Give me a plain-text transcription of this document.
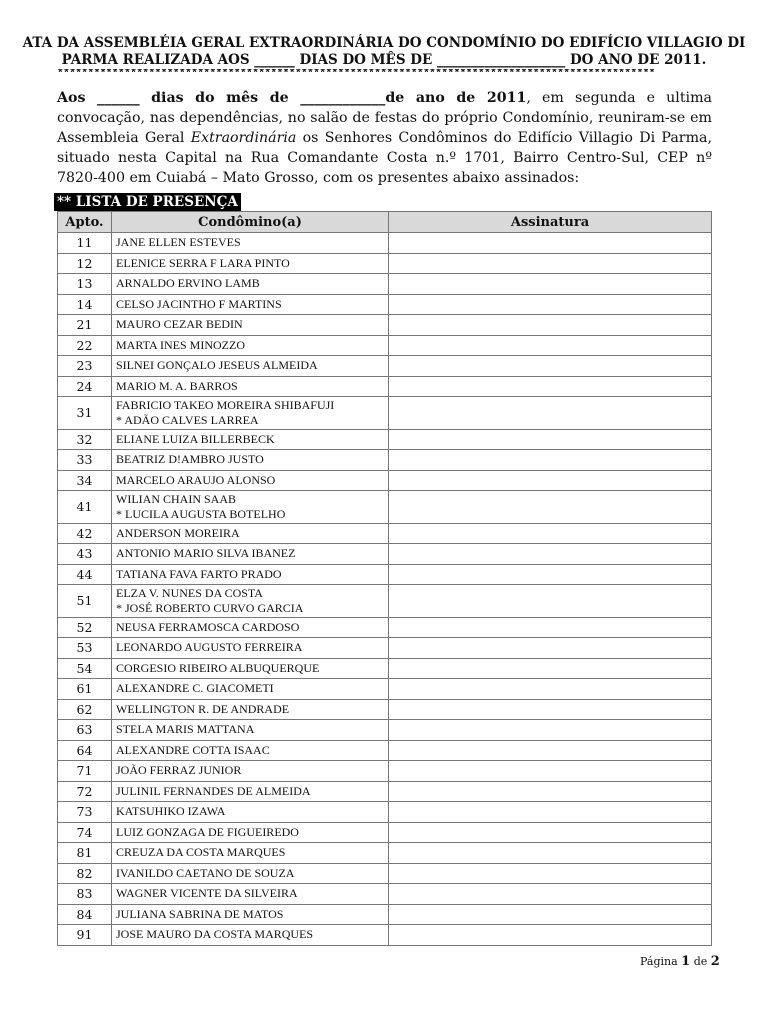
ATA DA ASSEMBLÉIA GERAL EXTRAORDINÁRIA DO CONDOMÍNIO DO EDIFÍCIO VILLAGIO DI
PARMA REALIZADA AOS ______ DIAS DO MÊS DE ___________________ DO ANO DE 2011.
**************************************************************************************************
Aos ______ dias do mês de ____________de ano de 2011, em segunda e ultima convocação, nas dependências, no salão de festas do próprio Condomínio, reuniram-se em Assembleia Geral Extraordinária os Senhores Condôminos do Edifício Villagio Di Parma, situado nesta Capital na Rua Comandante Costa n.º 1701, Bairro Centro-Sul, CEP nº 7820-400 em Cuiabá – Mato Grosso, com os presentes abaixo assinados:
** LISTA DE PRESENÇA
Apto.	Condômino(a)	Assinatura
11	JANE ELLEN ESTEVES	

12	ELENICE SERRA F LARA PINTO	

13	ARNALDO ERVINO LAMB	

14	CELSO JACINTHO F MARTINS	

21	MAURO CEZAR BEDIN	

22	MARTA INES MINOZZO	

23	SILNEI GONÇALO JESEUS ALMEIDA	

24	MARIO M. A. BARROS	

31	FABRICIO TAKEO MOREIRA SHIBAFUJI
* ADÃO CALVES LARREA	

32	ELIANE LUIZA BILLERBECK	

33	BEATRIZ D!AMBRO JUSTO	

34	MARCELO ARAUJO ALONSO	

41	WILIAN CHAIN SAAB
* LUCILA AUGUSTA BOTELHO	

42	ANDERSON MOREIRA	

43	ANTONIO MARIO SILVA IBANEZ	

44	TATIANA FAVA FARTO PRADO	

51	ELZA V. NUNES DA COSTA
* JOSÉ ROBERTO CURVO GARCIA	

52	NEUSA FERRAMOSCA CARDOSO	

53	LEONARDO AUGUSTO FERREIRA	

54	CORGESIO RIBEIRO ALBUQUERQUE	

61	ALEXANDRE C. GIACOMETI	

62	WELLINGTON R. DE ANDRADE	

63	STELA MARIS MATTANA	

64	ALEXANDRE COTTA ISAAC	

71	JOÃO FERRAZ JUNIOR	

72	JULINIL FERNANDES DE ALMEIDA	

73	KATSUHIKO IZAWA	

74	LUIZ GONZAGA DE FIGUEIREDO	

81	CREUZA DA COSTA MARQUES	

82	IVANILDO CAETANO DE SOUZA	

83	WAGNER VICENTE DA SILVEIRA	

84	JULIANA SABRINA DE MATOS	

91	JOSE MAURO DA COSTA MARQUES	

Página 1 de 2
